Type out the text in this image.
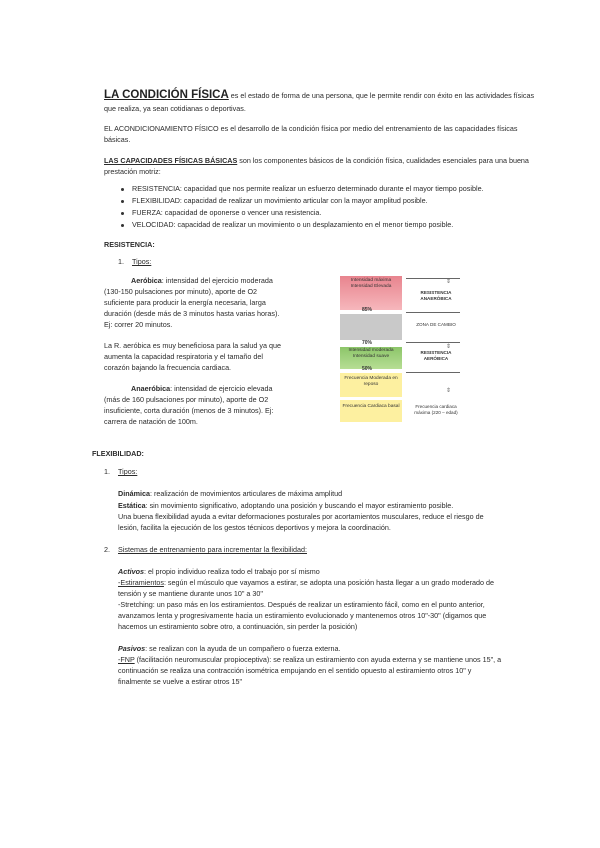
LA CONDICIÓN FÍSICA es el estado de forma de una persona, que le permite rendir con éxito en las actividades físicas
que realiza, ya sean cotidianas o deportivas.
EL ACONDICIONAMIENTO FÍSICO es el desarrollo de la condición física por medio del entrenamiento de las capacidades físicas
básicas.
LAS CAPACIDADES FÍSICAS BÁSICAS son los componentes básicos de la condición física, cualidades esenciales para una buena
prestación motriz:
RESISTENCIA: capacidad que nos permite realizar un esfuerzo determinado durante el mayor tiempo posible.
FLEXIBILIDAD: capacidad de realizar un movimiento articular con la mayor amplitud posible.
FUERZA: capacidad de oponerse o vencer una resistencia.
VELOCIDAD: capacidad de realizar un movimiento o un desplazamiento en el menor tiempo posible.
RESISTENCIA:
1. Tipos:
Aeróbica: intensidad del ejercicio moderada
(130-150 pulsaciones por minuto), aporte de O2
suficiente para producir la energía necesaria, larga
duración (desde más de 3 minutos hasta varias horas).
Ej: correr 20 minutos.
La R. aeróbica es muy beneficiosa para la salud ya que
aumenta la capacidad respiratoria y el tamaño del
corazón bajando la frecuencia cardiaca.
Anaeróbica: intensidad de ejercicio elevada
(más de 160 pulsaciones por minuto), aporte de O2
insuficiente, corta duración (menos de 3 minutos). Ej:
carrera de natación de 100m.
Intensidad máxima Intensidad Elevada
85%
70%
Intensidad moderada Intensidad suave
50%
Frecuencia Moderada en reposo
Frecuencia Cardiaca basal
⇕
RESISTENCIA ANAERÓBICA
ZONA DE CAMBIO
⇕
RESISTENCIA AERÓBICA
⇕
Frecuencia cardiaca máxima (220 – edad)
FLEXIBILIDAD:
1. Tipos:
Dinámica: realización de movimientos articulares de máxima amplitud
Estática: sin movimiento significativo, adoptando una posición y buscando el mayor estiramiento posible.
Una buena flexibilidad ayuda a evitar deformaciones posturales por acortamientos musculares, reduce el riesgo de
lesión, facilita la ejecución de los gestos técnicos deportivos y mejora la coordinación.
2. Sistemas de entrenamiento para incrementar la flexibilidad:
Activos: el propio individuo realiza todo el trabajo por sí mismo
-Estiramientos: según el músculo que vayamos a estirar, se adopta una posición hasta llegar a un grado moderado de
tensión y se mantiene durante unos 10" a 30"
-Stretching: un paso más en los estiramientos. Después de realizar un estiramiento fácil, como en el punto anterior,
avanzamos lenta y progresivamente hacia un estiramiento evolucionado y mantenemos otros 10"-30" (digamos que
hacemos un estiramiento sobre otro, a continuación, sin perder la posición)
Pasivos: se realizan con la ayuda de un compañero o fuerza externa.
-FNP (facilitación neuromuscular propioceptiva): se realiza un estiramiento con ayuda externa y se mantiene unos 15", a
continuación se realiza una contracción isométrica empujando en el sentido opuesto al estiramiento otros 10" y
finalmente se vuelve a estirar otros 15"
